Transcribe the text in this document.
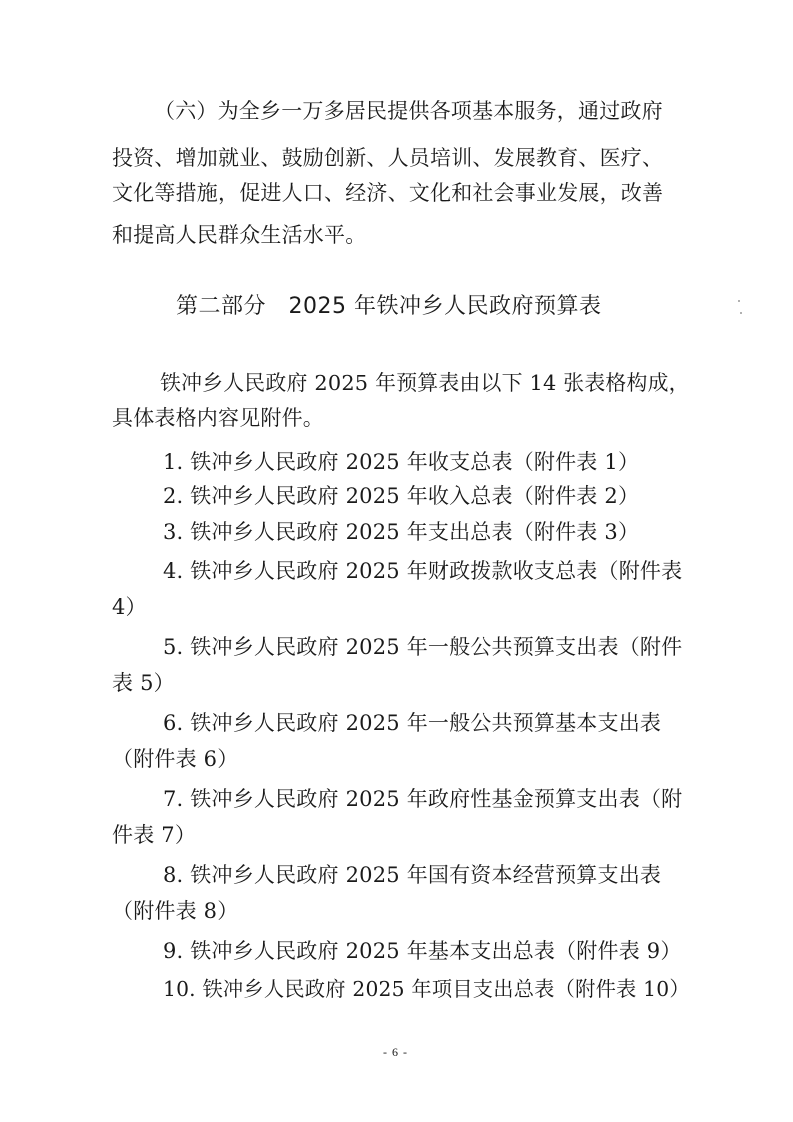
（六）为全乡一万多居民提供各项基本服务，通过政府
投资、增加就业、鼓励创新、人员培训、发展教育、医疗、
文化等措施，促进人口、经济、文化和社会事业发展，改善
和提高人民群众生活水平。
第二部分　2025 年铁冲乡人民政府预算表
铁冲乡人民政府 2025 年预算表由以下 14 张表格构成，
具体表格内容见附件。
1. 铁冲乡人民政府 2025 年收支总表（附件表 1）
2. 铁冲乡人民政府 2025 年收入总表（附件表 2）
3. 铁冲乡人民政府 2025 年支出总表（附件表 3）
4. 铁冲乡人民政府 2025 年财政拨款收支总表（附件表
4）
5. 铁冲乡人民政府 2025 年一般公共预算支出表（附件
表 5）
6. 铁冲乡人民政府 2025 年一般公共预算基本支出表
（附件表 6）
7. 铁冲乡人民政府 2025 年政府性基金预算支出表（附
件表 7）
8. 铁冲乡人民政府 2025 年国有资本经营预算支出表
（附件表 8）
9. 铁冲乡人民政府 2025 年基本支出总表（附件表 9）
10. 铁冲乡人民政府 2025 年项目支出总表（附件表 10）
- 6 -
